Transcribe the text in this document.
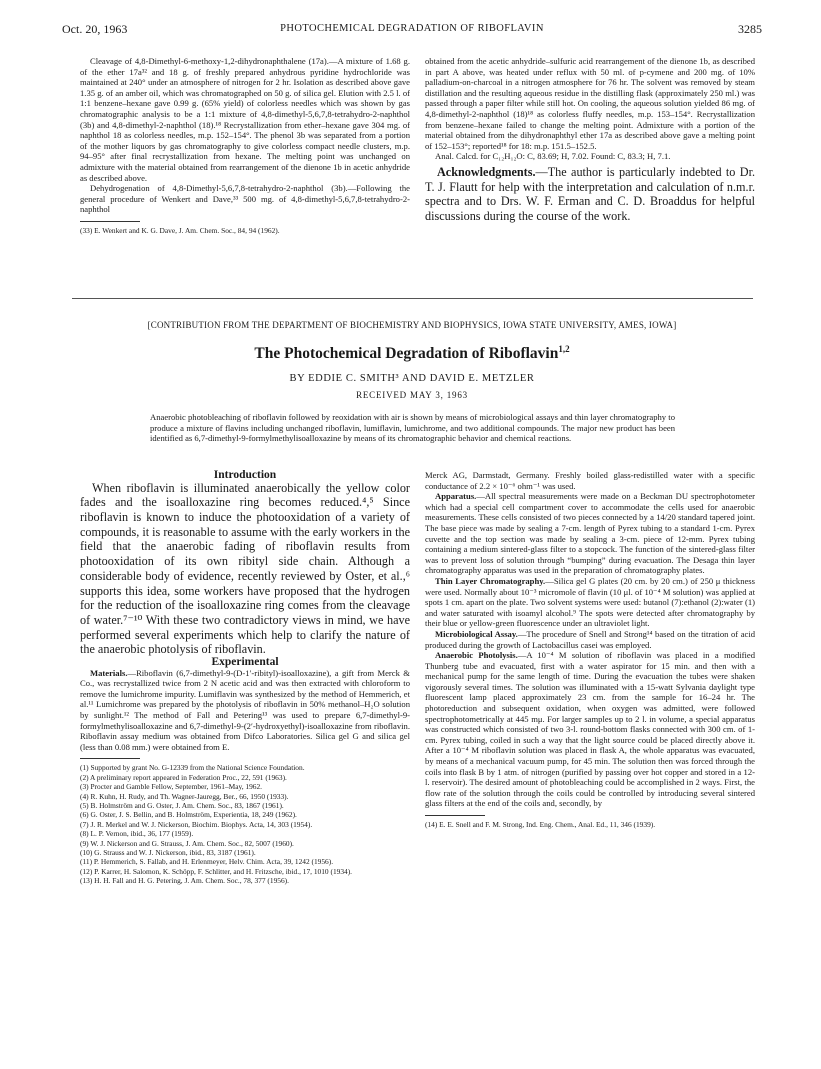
Oct. 20, 1963	PHOTOCHEMICAL DEGRADATION OF RIBOFLAVIN	3285

Cleavage of 4,8-Dimethyl-6-methoxy-1,2-dihydronaphthalene (17a).—A mixture of 1.68 g. of the ether 17a³² and 18 g. of freshly prepared anhydrous pyridine hydrochloride was maintained at 240° under an atmosphere of nitrogen for 2 hr. Isolation as described above gave 1.35 g. of an amber oil, which was chromatographed on 50 g. of silica gel. Elution with 2.5 l. of 1:1 benzene–hexane gave 0.99 g. (65% yield) of colorless needles which was shown by gas chromatographic analysis to be a 1:1 mixture of 4,8-dimethyl-5,6,7,8-tetrahydro-2-naphthol (3b) and 4,8-dimethyl-2-naphthol (18).¹⁸ Recrystallization from ether–hexane gave 304 mg. of naphthol 18 as colorless needles, m.p. 152–154°. The phenol 3b was separated from a portion of the mother liquors by gas chromatography to give colorless compact needle clusters, m.p. 94–95° after final recrystallization from hexane. The melting point was unchanged on admixture with the material obtained from rearrangement of the dienone 1b in acetic anhydride as described above.

Dehydrogenation of 4,8-Dimethyl-5,6,7,8-tetrahydro-2-naphthol (3b).—Following the general procedure of Wenkert and Dave,³³ 500 mg. of 4,8-dimethyl-5,6,7,8-tetrahydro-2-naphthol

(33) E. Wenkert and K. G. Dave, J. Am. Chem. Soc., 84, 94 (1962).

obtained from the acetic anhydride–sulfuric acid rearrangement of the dienone 1b, as described in part A above, was heated under reflux with 50 ml. of p-cymene and 200 mg. of 10% palladium-on-charcoal in a nitrogen atmosphere for 76 hr. The solvent was removed by steam distillation and the resulting aqueous residue in the distilling flask (approximately 250 ml.) was passed through a paper filter while still hot. On cooling, the aqueous solution yielded 86 mg. of 4,8-dimethyl-2-naphthol (18)¹⁸ as colorless fluffy needles, m.p. 153–154°. Recrystallization from benzene–hexane failed to change the melting point. Admixture with a portion of the material obtained from the dihydronaphthyl ether 17a as described above gave a melting point of 152–153°; reported¹⁸ for 18: m.p. 151.5–152.5.

Anal. Calcd. for C₁₂H₁₂O: C, 83.69; H, 7.02. Found: C, 83.3; H, 7.1.

Acknowledgments.—The author is particularly indebted to Dr. T. J. Flautt for help with the interpretation and calculation of n.m.r. spectra and to Drs. W. F. Erman and C. D. Broaddus for helpful discussions during the course of the work.

[CONTRIBUTION FROM THE DEPARTMENT OF BIOCHEMISTRY AND BIOPHYSICS, IOWA STATE UNIVERSITY, AMES, IOWA]
The Photochemical Degradation of Riboflavin$^{1,2}$
BY EDDIE C. SMITH³ AND DAVID E. METZLER
RECEIVED MAY 3, 1963
Anaerobic photobleaching of riboflavin followed by reoxidation with air is shown by means of microbiological assays and thin layer chromatography to produce a mixture of flavins including unchanged riboflavin, lumiflavin, lumichrome, and two additional compounds. The major new product has been identified as 6,7-dimethyl-9-formylmethylisoalloxazine by means of its chromatographic behavior and chemical reactions.

Introduction

When riboflavin is illuminated anaerobically the yellow color fades and the isoalloxazine ring becomes reduced.⁴,⁵ Since riboflavin is known to induce the photooxidation of a variety of compounds, it is reasonable to assume with the early workers in the field that the anaerobic fading of riboflavin results from photooxidation of its own ribityl side chain. Although a considerable body of evidence, recently reviewed by Oster, et al.,⁶ supports this idea, some workers have proposed that the hydrogen for the reduction of the isoalloxazine ring comes from the cleavage of water.⁷⁻¹⁰ With these two contradictory views in mind, we have performed several experiments which help to clarify the nature of the anaerobic photolysis of riboflavin.

Experimental

Materials.—Riboflavin (6,7-dimethyl-9-(D-1′-ribityl)-isoalloxazine), a gift from Merck & Co., was recrystallized twice from 2 N acetic acid and was then extracted with chloroform to remove the lumichrome impurity. Lumiflavin was synthesized by the method of Hemmerich, et al.¹¹ Lumichrome was prepared by the photolysis of riboflavin in 50% methanol–H₂O solution by sunlight.¹² The method of Fall and Petering¹³ was used to prepare 6,7-dimethyl-9-formylmethylisoalloxazine and 6,7-dimethyl-9-(2′-hydroxyethyl)-isoalloxazine from riboflavin. Riboflavin assay medium was obtained from Difco Laboratories. Silica gel G and silica gel (less than 0.08 mm.) were obtained from E.

(1) Supported by grant No. G-12339 from the National Science Foundation.
(2) A preliminary report appeared in Federation Proc., 22, 591 (1963).
(3) Procter and Gamble Fellow, September, 1961–May, 1962.
(4) R. Kuhn, H. Rudy, and Th. Wagner-Jauregg, Ber., 66, 1950 (1933).
(5) B. Holmström and G. Oster, J. Am. Chem. Soc., 83, 1867 (1961).
(6) G. Oster, J. S. Bellin, and B. Holmström, Experientia, 18, 249 (1962).
(7) J. R. Merkel and W. J. Nickerson, Biochim. Biophys. Acta, 14, 303 (1954).
(8) L. P. Vernon, ibid., 36, 177 (1959).
(9) W. J. Nickerson and G. Strauss, J. Am. Chem. Soc., 82, 5007 (1960).
(10) G. Strauss and W. J. Nickerson, ibid., 83, 3187 (1961).
(11) P. Hemmerich, S. Fallab, and H. Erlenmeyer, Helv. Chim. Acta, 39, 1242 (1956).
(12) P. Karrer, H. Salomon, K. Schöpp, F. Schlitter, and H. Fritzsche, ibid., 17, 1010 (1934).
(13) H. H. Fall and H. G. Petering, J. Am. Chem. Soc., 78, 377 (1956).

Merck AG, Darmstadt, Germany. Freshly boiled glass-redistilled water with a specific conductance of 2.2 × 10⁻⁶ ohm⁻¹ was used.

Apparatus.—All spectral measurements were made on a Beckman DU spectrophotometer which had a special cell compartment cover to accommodate the cells used for anaerobic measurements. These cells consisted of two pieces connected by a 14/20 standard tapered joint. The base piece was made by sealing a 7-cm. length of Pyrex tubing to a standard 1-cm. Pyrex cuvette and the top section was made by sealing a 3-cm. piece of 12-mm. Pyrex tubing containing a medium sintered-glass filter to a stopcock. The function of the sintered-glass filter was to prevent loss of solution through “bumping” during evacuation. The Desaga thin layer chromatography apparatus was used in the preparation of chromatography plates.

Thin Layer Chromatography.—Silica gel G plates (20 cm. by 20 cm.) of 250 μ thickness were used. Normally about 10⁻³ micromole of flavin (10 μl. of 10⁻⁴ M solution) was applied at spots 1 cm. apart on the plate. Two solvent systems were used: butanol (7):ethanol (2):water (1) and water saturated with isoamyl alcohol.⁹ The spots were detected after chromatography by their blue or yellow-green fluorescence under an ultraviolet light.

Microbiological Assay.—The procedure of Snell and Strong¹⁴ based on the titration of acid produced during the growth of Lactobacillus casei was employed.

Anaerobic Photolysis.—A 10⁻⁴ M solution of riboflavin was placed in a modified Thunberg tube and evacuated, first with a water aspirator for 15 min. and then with a mechanical pump for the same length of time. During the evacuation the tubes were shaken vigorously several times. The solution was illuminated with a 15-watt Sylvania daylight type fluorescent lamp placed approximately 23 cm. from the sample for 16–24 hr. The photoreduction and subsequent oxidation, when oxygen was admitted, were followed spectrophotometrically at 445 mμ. For larger samples up to 2 l. in volume, a special apparatus was constructed which consisted of two 3-l. round-bottom flasks connected with 300 cm. of 1-cm. Pyrex tubing, coiled in such a way that the light source could be placed directly above it. After a 10⁻⁴ M riboflavin solution was placed in flask A, the whole apparatus was evacuated, by means of a mechanical vacuum pump, for 45 min. The solution then was forced through the coils into flask B by 1 atm. of nitrogen (purified by passing over hot copper and stored in a 12-l. reservoir). The desired amount of photobleaching could be accomplished in 2 ways. First, the flow rate of the solution through the coils could be controlled by introducing several sintered glass filters at the end of the coils and, secondly, by

(14) E. E. Snell and F. M. Strong, Ind. Eng. Chem., Anal. Ed., 11, 346 (1939).
